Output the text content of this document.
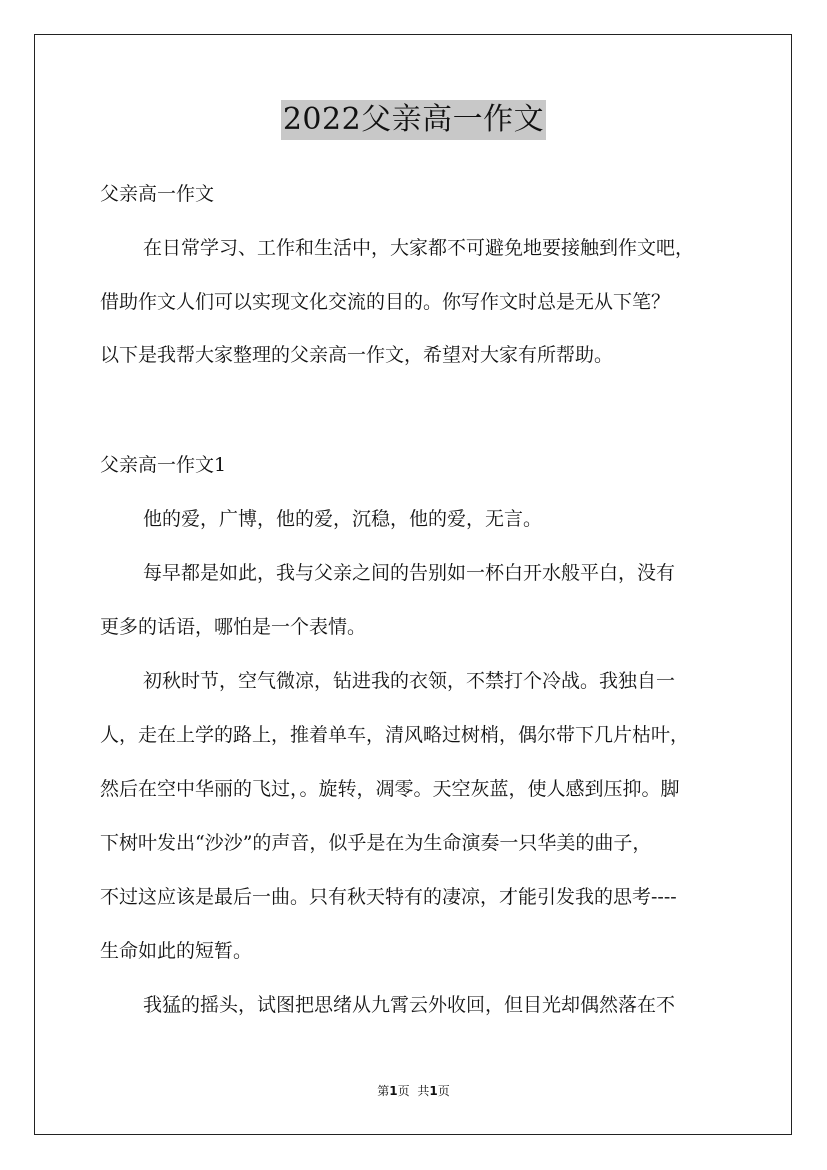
2022父亲高一作文
父亲高一作文
在日常学习、工作和生活中，大家都不可避免地要接触到作文吧，
借助作文人们可以实现文化交流的目的。你写作文时总是无从下笔？
以下是我帮大家整理的父亲高一作文，希望对大家有所帮助。
父亲高一作文1
他的爱，广博，他的爱，沉稳，他的爱，无言。
每早都是如此，我与父亲之间的告别如一杯白开水般平白，没有
更多的话语，哪怕是一个表情。
初秋时节，空气微凉，钻进我的衣领，不禁打个冷战。我独自一
人，走在上学的路上，推着单车，清风略过树梢，偶尔带下几片枯叶，
然后在空中华丽的飞过，。旋转，凋零。天空灰蓝，使人感到压抑。脚
下树叶发出“沙沙”的声音，似乎是在为生命演奏一只华美的曲子，
不过这应该是最后一曲。只有秋天特有的凄凉，才能引发我的思考----
生命如此的短暂。
我猛的摇头，试图把思绪从九霄云外收回，但目光却偶然落在不
第1页 共1页
